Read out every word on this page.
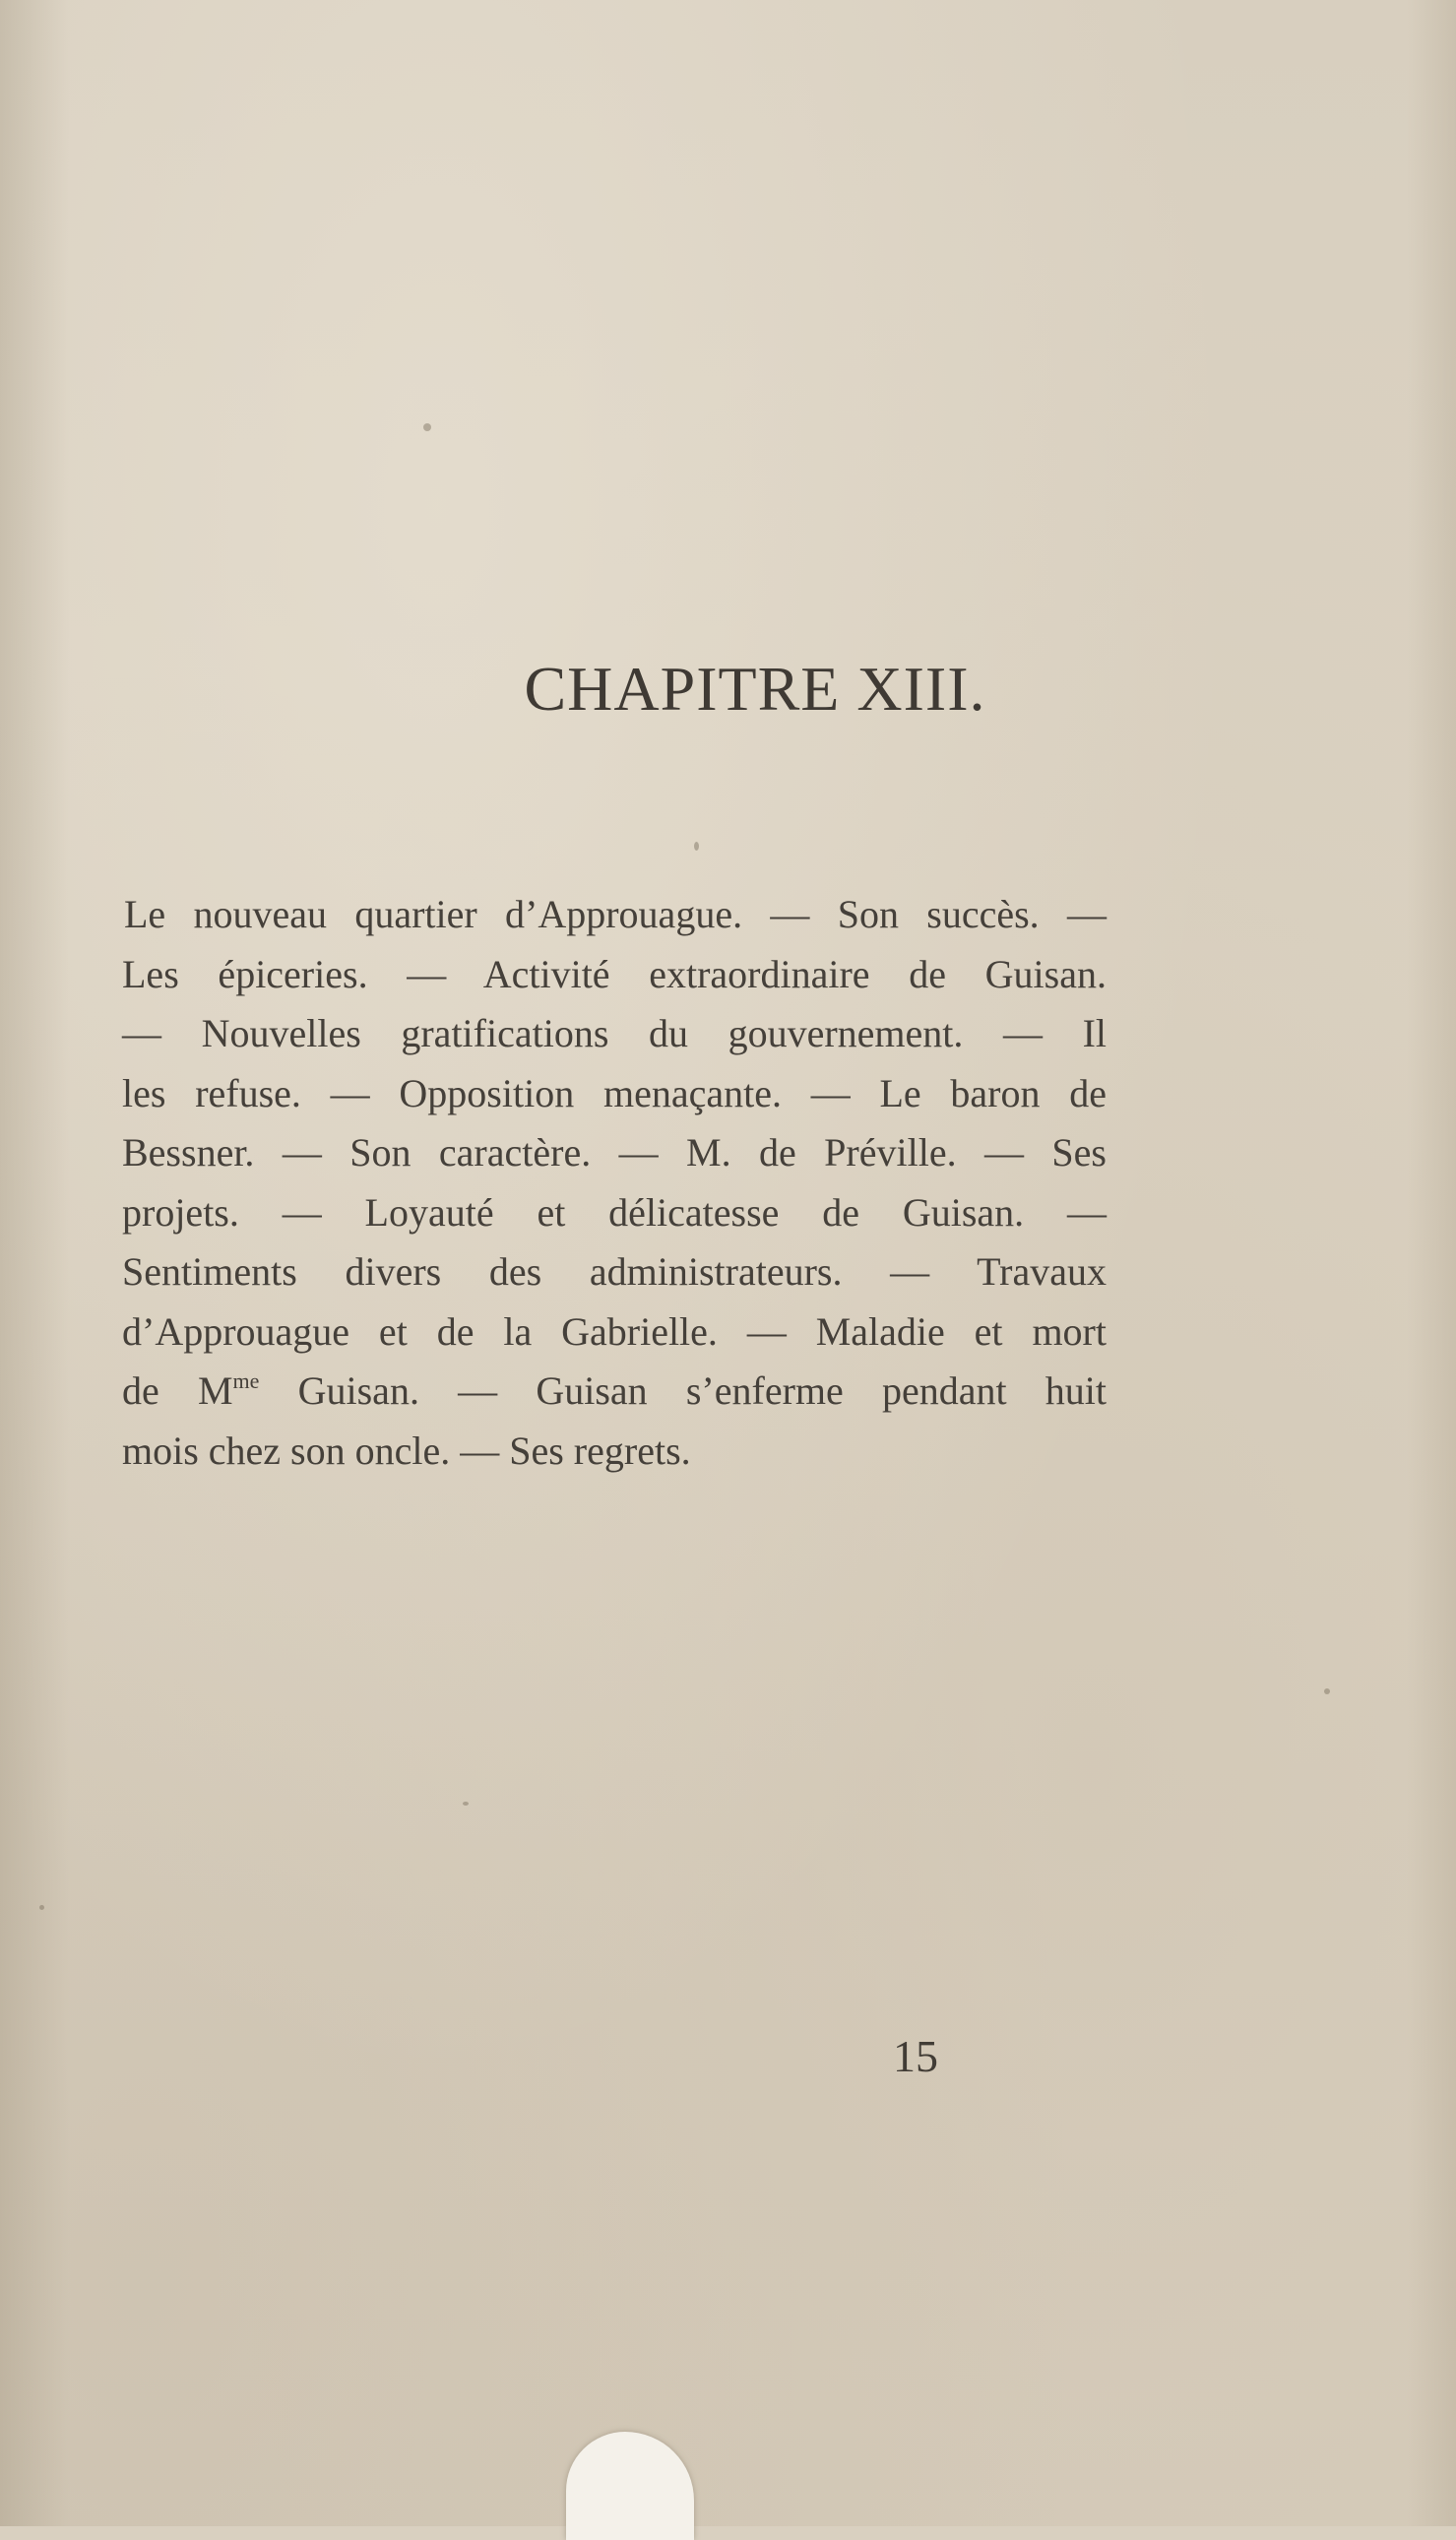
CHAPITRE XIII.
Le nouveau quartier d’Approuague. — Son succès. —
Les épiceries. — Activité extraordinaire de Guisan.
— Nouvelles gratifications du gouvernement. — Il
les refuse. — Opposition menaçante. — Le baron de
Bessner. — Son caractère. — M. de Préville. — Ses
projets. — Loyauté et délicatesse de Guisan. —
Sentiments divers des administrateurs. — Travaux
d’Approuague et de la Gabrielle. — Maladie et mort
de $M^{me}$ Guisan. — Guisan s’enferme pendant huit
mois chez son oncle. — Ses regrets.
15
